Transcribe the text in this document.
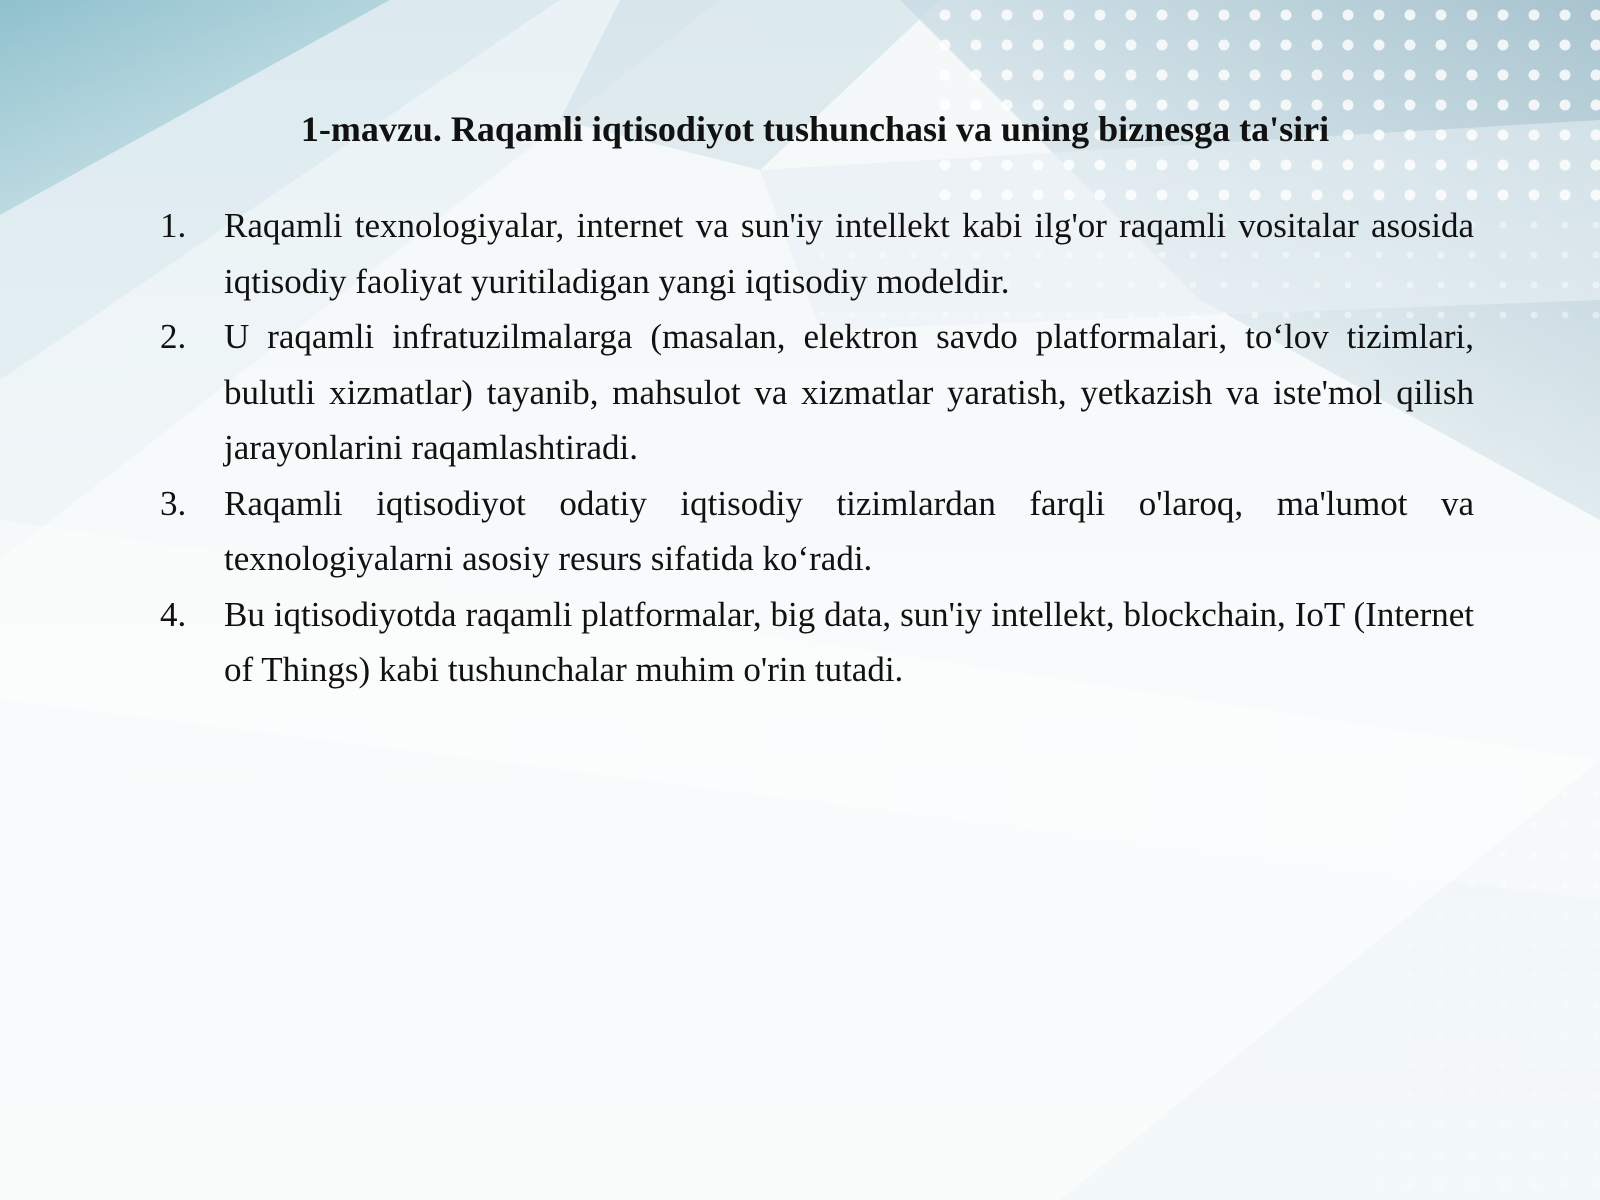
1-mavzu. Raqamli iqtisodiyot tushunchasi va uning biznesga ta'siri
1. Raqamli texnologiyalar, internet va sun'iy intellekt kabi ilg'or raqamli vositalar asosida iqtisodiy faoliyat yuritiladigan yangi iqtisodiy modeldir.
2. U raqamli infratuzilmalarga (masalan, elektron savdo platformalari, to‘lov tizimlari, bulutli xizmatlar) tayanib, mahsulot va xizmatlar yaratish, yetkazish va iste'mol qilish jarayonlarini raqamlashtiradi.
3. Raqamli iqtisodiyot odatiy iqtisodiy tizimlardan farqli o'laroq, ma'lumot va texnologiyalarni asosiy resurs sifatida ko‘radi.
4. Bu iqtisodiyotda raqamli platformalar, big data, sun'iy intellekt, blockchain, IoT (Internet of Things) kabi tushunchalar muhim o'rin tutadi.
